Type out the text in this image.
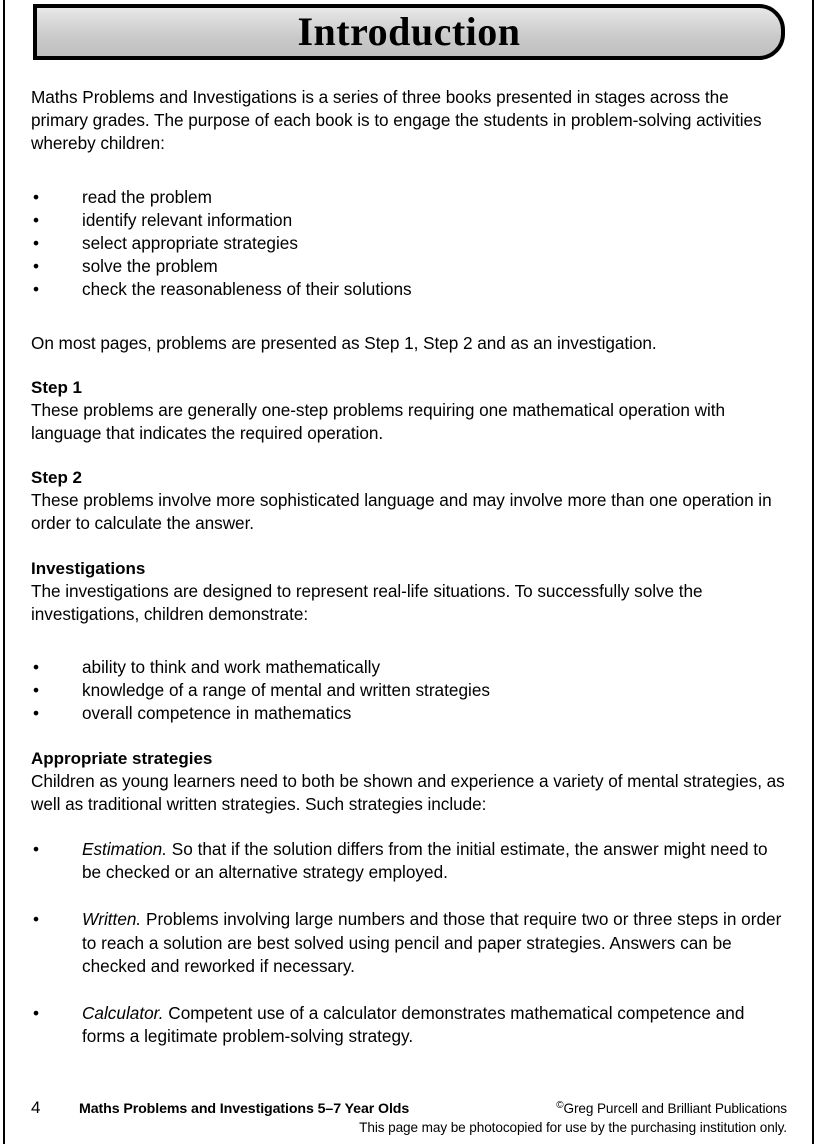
Introduction

Maths Problems and Investigations is a series of three books presented in stages across the primary grades. The purpose of each book is to engage the students in problem-solving activities whereby children:

• read the problem
• identify relevant information
• select appropriate strategies
• solve the problem
• check the reasonableness of their solutions

On most pages, problems are presented as Step 1, Step 2 and as an investigation.

Step 1

These problems are generally one-step problems requiring one mathematical operation with language that indicates the required operation.

Step 2

These problems involve more sophisticated language and may involve more than one operation in order to calculate the answer.

Investigations

The investigations are designed to represent real-life situations. To successfully solve the investigations, children demonstrate:

• ability to think and work mathematically
• knowledge of a range of mental and written strategies
• overall competence in mathematics
Appropriate strategies

Children as young learners need to both be shown and experience a variety of mental strategies, as well as traditional written strategies. Such strategies include:

• Estimation. So that if the solution differs from the initial estimate, the answer might need to be checked or an alternative strategy employed.
• Written. Problems involving large numbers and those that require two or three steps in order to reach a solution are best solved using pencil and paper strategies. Answers can be checked and reworked if necessary.
• Calculator. Competent use of a calculator demonstrates mathematical competence and forms a legitimate problem-solving strategy.
4	Maths Problems and Investigations 5–7 Year Olds	©Greg Purcell and Brilliant Publications
This page may be photocopied for use by the purchasing institution only.
